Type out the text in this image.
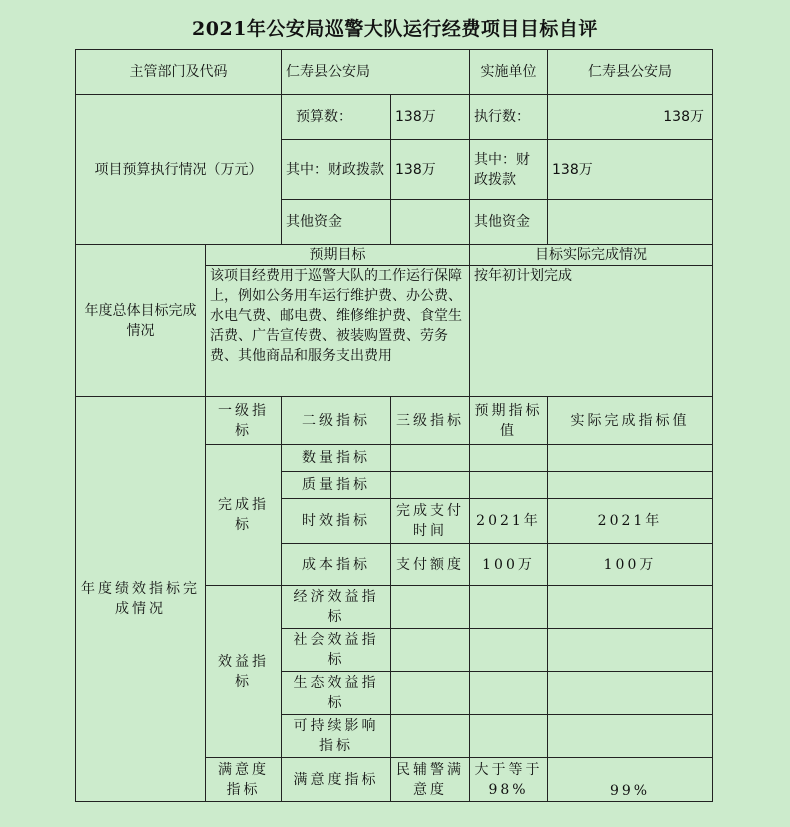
2021年公安局巡警大队运行经费项目目标自评
主管部门及代码		仁寿县公安局		实施单位	仁寿县公安局
项目预算执行情况（万元）		预算数：	138万	执行数：	138万
		其中：财政拨款	138万	其中：财政拨款	138万
		其他资金		其他资金	
年度总体目标完成情况	预期目标			目标实际完成情况	
	该项目经费用于巡警大队的工作运行保障上，例如公务用车运行维护费、办公费、水电气费、邮电费、维修维护费、食堂生活费、广告宣传费、被装购置费、劳务费、其他商品和服务支出费用			按年初计划完成	
年度绩效指标完成情况	一级指标	二级指标	三级指标	预期指标值	实际完成指标值
	完成指标	数量指标			
		质量指标			
		时效指标	完成支付时间	2021年	2021年
		成本指标	支付额度	100万	100万
	效益指标	经济效益指标			
		社会效益指标			
		生态效益指标			
		可持续影响指标			
	满意度指标	满意度指标	民辅警满意度	大于等于98%	99%
